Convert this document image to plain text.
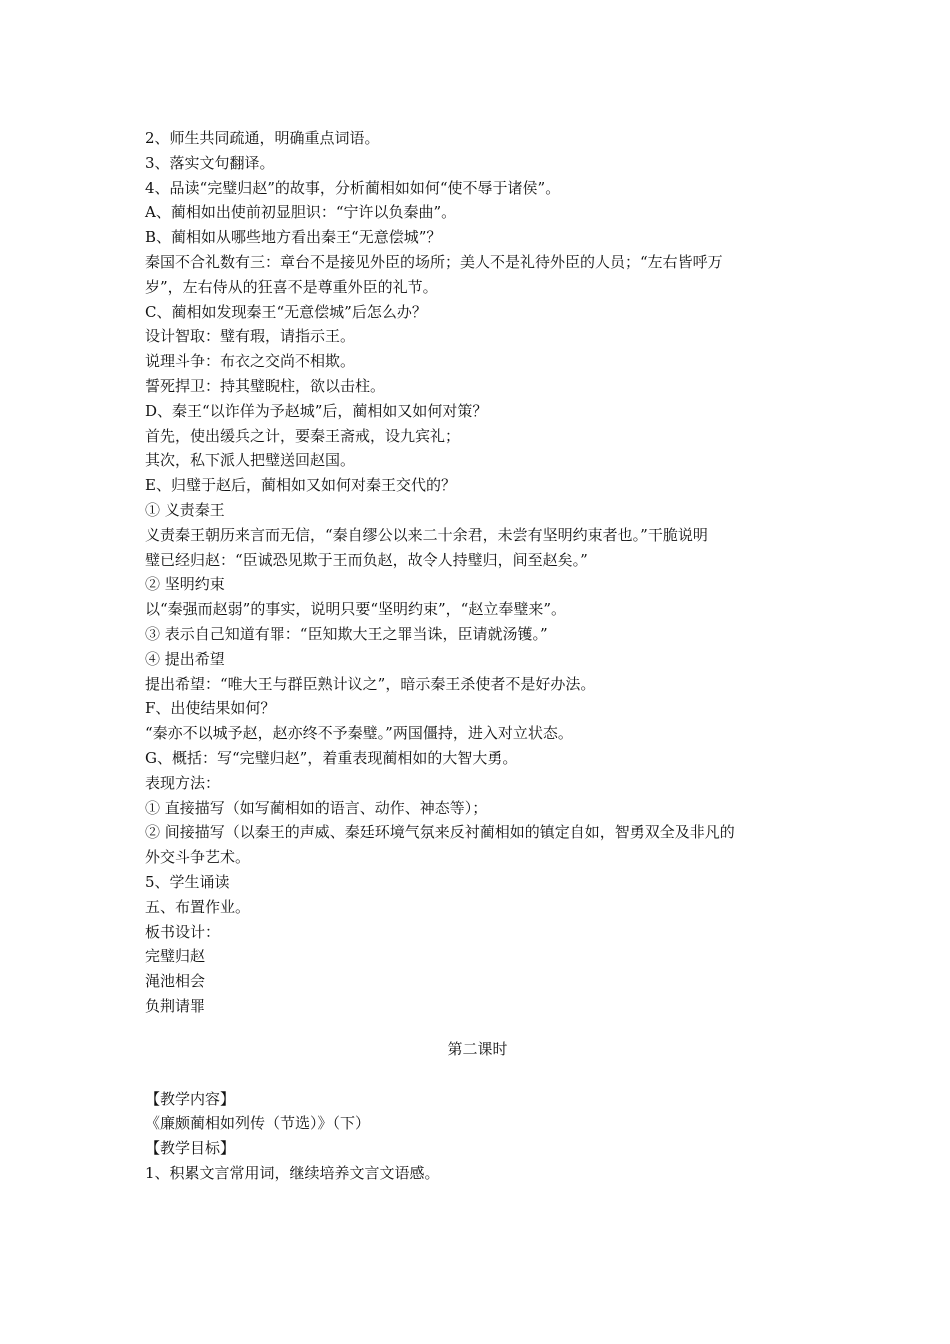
2、师生共同疏通，明确重点词语。

3、落实文句翻译。

4、品读“完璧归赵”的故事，分析蔺相如如何“使不辱于诸侯”。

A、蔺相如出使前初显胆识：“宁许以负秦曲”。

B、蔺相如从哪些地方看出秦王“无意偿城”？

秦国不合礼数有三：章台不是接见外臣的场所；美人不是礼待外臣的人员；“左右皆呼万

岁”，左右侍从的狂喜不是尊重外臣的礼节。

C、蔺相如发现秦王“无意偿城”后怎么办？

设计智取：璧有瑕，请指示王。

说理斗争：布衣之交尚不相欺。

誓死捍卫：持其璧睨柱，欲以击柱。

D、秦王“以诈佯为予赵城”后，蔺相如又如何对策？

首先，使出缓兵之计，要秦王斋戒，设九宾礼；

其次，私下派人把璧送回赵国。

E、归璧于赵后，蔺相如又如何对秦王交代的？

① 义责秦王

义责秦王朝历来言而无信，“秦自缪公以来二十余君，未尝有坚明约束者也。”干脆说明

璧已经归赵：“臣诚恐见欺于王而负赵，故令人持璧归，间至赵矣。”

② 坚明约束

以“秦强而赵弱”的事实，说明只要“坚明约束”，“赵立奉璧来”。

③ 表示自己知道有罪：“臣知欺大王之罪当诛，臣请就汤镬。”

④ 提出希望

提出希望：“唯大王与群臣熟计议之”，暗示秦王杀使者不是好办法。

F、出使结果如何？

“秦亦不以城予赵，赵亦终不予秦璧。”两国僵持，进入对立状态。

G、概括：写“完璧归赵”，着重表现蔺相如的大智大勇。

表现方法：

① 直接描写（如写蔺相如的语言、动作、神态等）；

② 间接描写（以秦王的声威、秦廷环境气氛来反衬蔺相如的镇定自如，智勇双全及非凡的

外交斗争艺术。

5、学生诵读

五、布置作业。

板书设计：

完璧归赵

渑池相会

负荆请罪

第二课时

【教学内容】

《廉颇蔺相如列传（节选）》（下）

【教学目标】

1、积累文言常用词，继续培养文言文语感。
